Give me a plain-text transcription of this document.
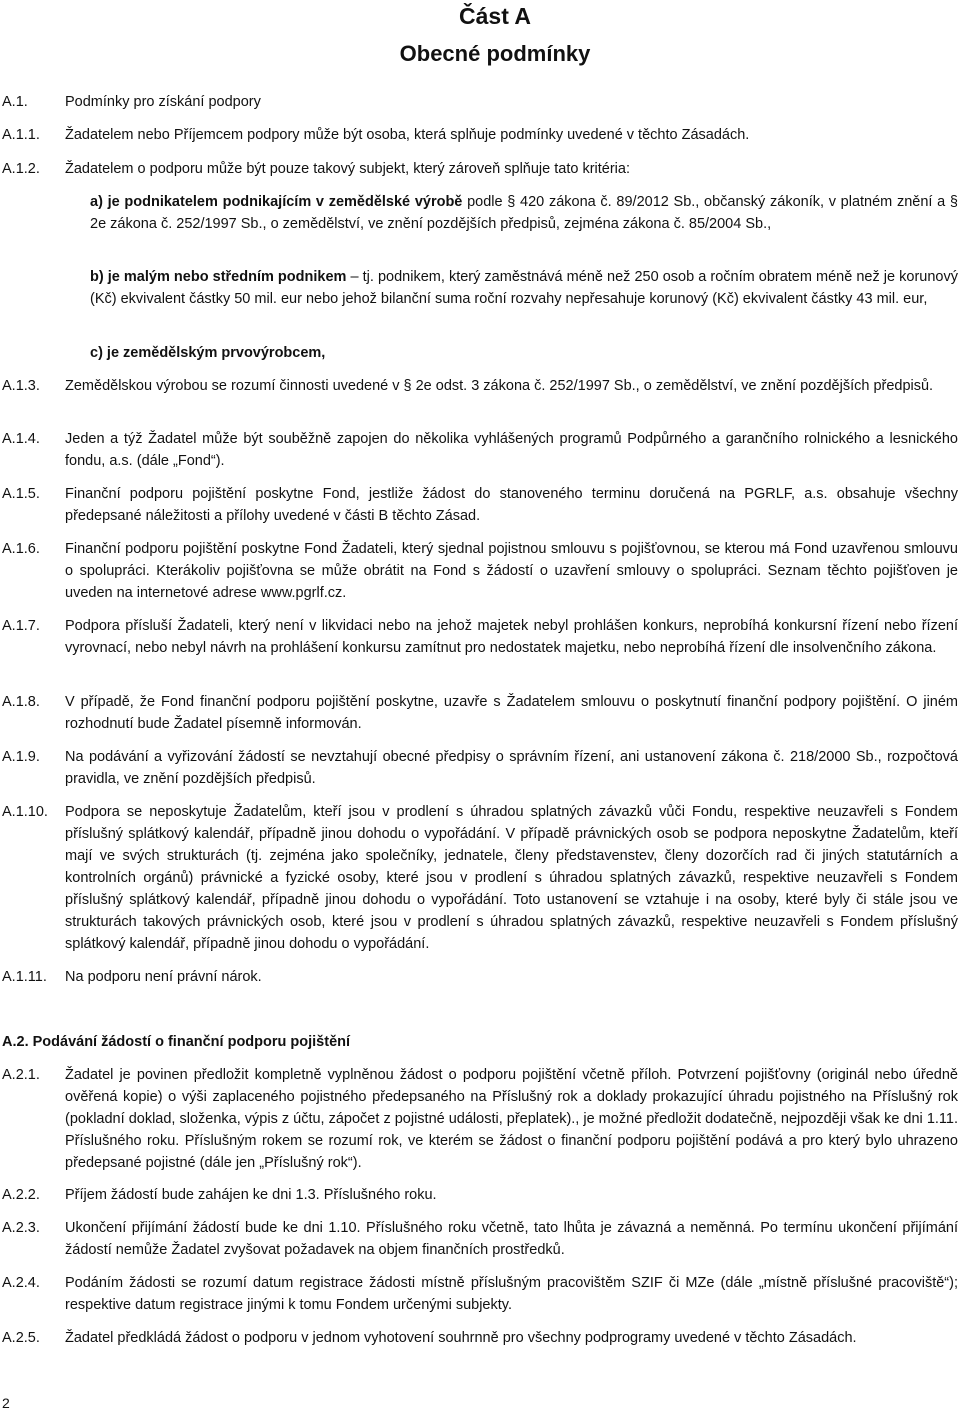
Část A
Obecné podmínky
A.1.	Podmínky pro získání podpory
A.1.1.	Žadatelem nebo Příjemcem podpory může být osoba, která splňuje podmínky uvedené v těchto Zásadách.
A.1.2.	Žadatelem o podporu může být pouze takový subjekt, který zároveň splňuje tato kritéria:
a) je podnikatelem podnikajícím v zemědělské výrobě podle § 420 zákona č. 89/2012 Sb., občanský zákoník, v platném znění a § 2e zákona č. 252/1997 Sb., o zemědělství, ve znění pozdějších předpisů, zejména zákona č. 85/2004 Sb.,
b) je malým nebo středním podnikem – tj. podnikem, který zaměstnává méně než 250 osob a ročním obratem méně než je korunový (Kč) ekvivalent částky 50 mil. eur nebo jehož bilanční suma roční rozvahy nepřesahuje korunový (Kč) ekvivalent částky 43 mil. eur,
c) je zemědělským prvovýrobcem,
A.1.3.	Zemědělskou výrobou se rozumí činnosti uvedené v § 2e odst. 3 zákona č. 252/1997 Sb., o zemědělství, ve znění pozdějších předpisů.
A.1.4.	Jeden a týž Žadatel může být souběžně zapojen do několika vyhlášených programů Podpůrného a garančního rolnického a lesnického fondu, a.s. (dále „Fond“).
A.1.5.	Finanční podporu pojištění poskytne Fond, jestliže žádost do stanoveného terminu doručená na PGRLF, a.s. obsahuje všechny předepsané náležitosti a přílohy uvedené v části B těchto Zásad.
A.1.6.	Finanční podporu pojištění poskytne Fond Žadateli, který sjednal pojistnou smlouvu s pojišťovnou, se kterou má Fond uzavřenou smlouvu o spolupráci. Kterákoliv pojišťovna se může obrátit na Fond s žádostí o uzavření smlouvy o spolupráci. Seznam těchto pojišťoven je uveden na internetové adrese www.pgrlf.cz.
A.1.7.	Podpora přísluší Žadateli, který není v likvidaci nebo na jehož majetek nebyl prohlášen konkurs, neprobíhá konkursní řízení nebo řízení vyrovnací, nebo nebyl návrh na prohlášení konkursu zamítnut pro nedostatek majetku, nebo neprobíhá řízení dle insolvenčního zákona.
A.1.8.	V případě, že Fond finanční podporu pojištění poskytne, uzavře s Žadatelem smlouvu o poskytnutí finanční podpory pojištění. O jiném rozhodnutí bude Žadatel písemně informován.
A.1.9.	Na podávání a vyřizování žádostí se nevztahují obecné předpisy o správním řízení, ani ustanovení zákona č. 218/2000 Sb., rozpočtová pravidla, ve znění pozdějších předpisů.
A.1.10.	Podpora se neposkytuje Žadatelům, kteří jsou v prodlení s úhradou splatných závazků vůči Fondu, respektive neuzavřeli s Fondem příslušný splátkový kalendář, případně jinou dohodu o vypořádání. V případě právnických osob se podpora neposkytne Žadatelům, kteří mají ve svých strukturách (tj. zejména jako společníky, jednatele, členy představenstev, členy dozorčích rad či jiných statutárních a kontrolních orgánů) právnické a fyzické osoby, které jsou v prodlení s úhradou splatných závazků, respektive neuzavřeli s Fondem příslušný splátkový kalendář, případně jinou dohodu o vypořádání. Toto ustanovení se vztahuje i na osoby, které byly či stále jsou ve strukturách takových právnických osob, které jsou v prodlení s úhradou splatných závazků, respektive neuzavřeli s Fondem příslušný splátkový kalendář, případně jinou dohodu o vypořádání.
A.1.11.	Na podporu není právní nárok.
A.2. Podávání žádostí o finanční podporu pojištění
A.2.1.	Žadatel je povinen předložit kompletně vyplněnou žádost o podporu pojištění včetně příloh. Potvrzení pojišťovny (originál nebo úředně ověřená kopie) o výši zaplaceného pojistného předepsaného na Příslušný rok a doklady prokazující úhradu pojistného na Příslušný rok (pokladní doklad, složenka, výpis z účtu, zápočet z pojistné události, přeplatek)., je možné předložit dodatečně, nejpozději však ke dni 1.11. Příslušného roku. Příslušným rokem se rozumí rok, ve kterém se žádost o finanční podporu pojištění podává a pro který bylo uhrazeno předepsané pojistné (dále jen „Příslušný rok“).
A.2.2.	Příjem žádostí bude zahájen ke dni 1.3. Příslušného roku.
A.2.3.	Ukončení přijímání žádostí bude ke dni 1.10. Příslušného roku včetně, tato lhůta je závazná a neměnná. Po termínu ukončení přijímání žádostí nemůže Žadatel zvyšovat požadavek na objem finančních prostředků.
A.2.4.	Podáním žádosti se rozumí datum registrace žádosti místně příslušným pracovištěm SZIF či MZe (dále „místně příslušné pracoviště“); respektive datum registrace jinými k tomu Fondem určenými subjekty.
A.2.5.	Žadatel předkládá žádost o podporu v jednom vyhotovení souhrnně pro všechny podprogramy uvedené v těchto Zásadách.
2
